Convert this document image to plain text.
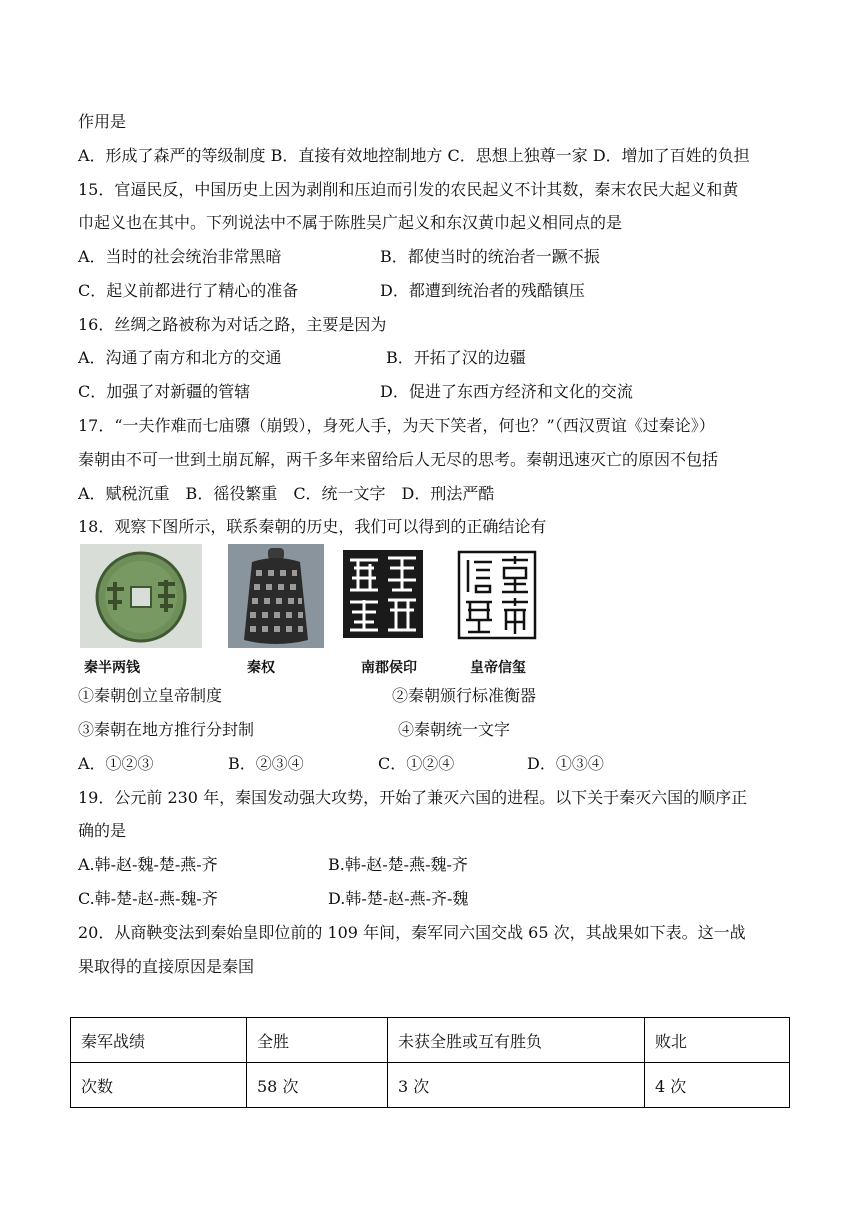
作用是
A．形成了森严的等级制度 B．直接有效地控制地方 C．思想上独尊一家 D．增加了百姓的负担
15．官逼民反，中国历史上因为剥削和压迫而引发的农民起义不计其数，秦末农民大起义和黄
巾起义也在其中。下列说法中不属于陈胜吴广起义和东汉黄巾起义相同点的是
A．当时的社会统治非常黑暗	B．都使当时的统治者一蹶不振
C．起义前都进行了精心的准备	D．都遭到统治者的残酷镇压
16．丝绸之路被称为对话之路，主要是因为
A．沟通了南方和北方的交通	B．开拓了汉的边疆
C．加强了对新疆的管辖	D．促进了东西方经济和文化的交流
17．“一夫作难而七庙隳（崩毁），身死人手，为天下笑者，何也？”（西汉贾谊《过秦论》）
秦朝由不可一世到土崩瓦解，两千多年来留给后人无尽的思考。秦朝迅速灭亡的原因不包括
A．赋税沉重　B．徭役繁重　C．统一文字　D．刑法严酷
18．观察下图所示，联系秦朝的历史，我们可以得到的正确结论有
秦半两钱	秦权	南郡侯印	皇帝信玺
①秦朝创立皇帝制度	②秦朝颁行标准衡器
③秦朝在地方推行分封制	④秦朝统一文字
A．①②③	B．②③④	C．①②④	D．①③④
19．公元前 230 年，秦国发动强大攻势，开始了兼灭六国的进程。以下关于秦灭六国的顺序正
确的是
A.韩-赵-魏-楚-燕-齐	B.韩-赵-楚-燕-魏-齐
C.韩-楚-赵-燕-魏-齐	D.韩-楚-赵-燕-齐-魏
20．从商鞅变法到秦始皇即位前的 109 年间，秦军同六国交战 65 次，其战果如下表。这一战
果取得的直接原因是秦国
秦军战绩	全胜	未获全胜或互有胜负	败北
次数	58 次	3 次	4 次
